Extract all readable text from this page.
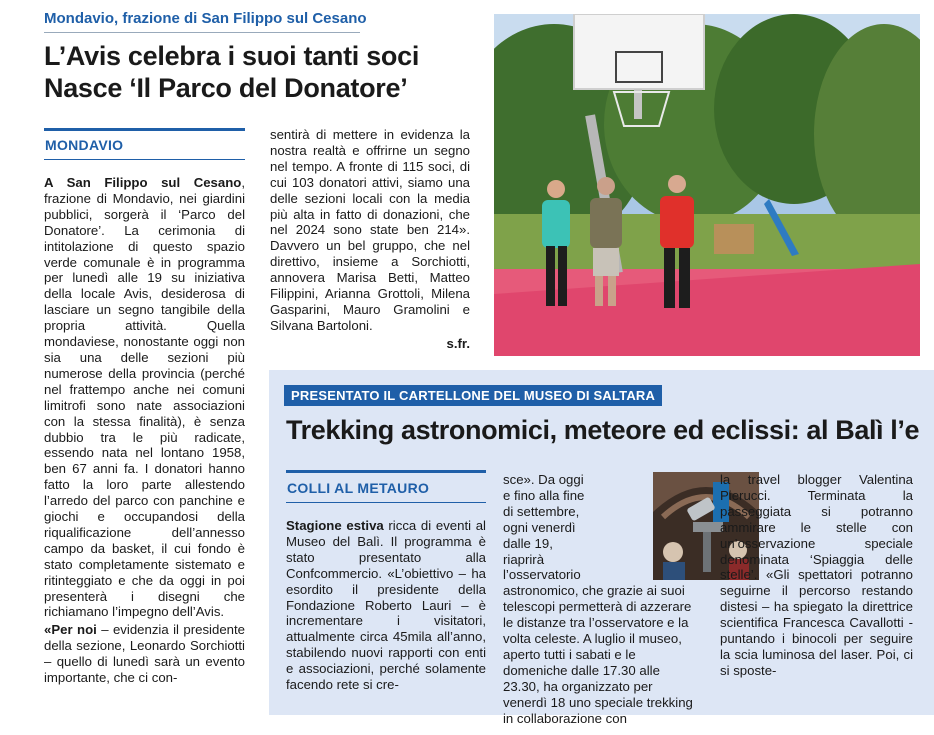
Mondavio, frazione di San Filippo sul Cesano
L’Avis celebra i suoi tanti soci
Nasce ‘Il Parco del Donatore’
MONDAVIO

A San Filippo sul Cesano, frazione di Mondavio, nei giardini pubblici, sorgerà il ‘Parco del Donatore’. La cerimonia di intitolazione di questo spazio verde comunale è in programma per lunedì alle 19 su iniziativa della locale Avis, desiderosa di lasciare un segno tangibile della propria attività. Quella mondaviese, nonostante oggi non sia una delle sezioni più numerose della provincia (perché nel frattempo anche nei comuni limitrofi sono nate associazioni con la stessa finalità), è senza dubbio tra le più radicate, essendo nata nel lontano 1958, ben 67 anni fa. I donatori hanno fatto la loro parte allestendo l’arredo del parco con panchine e giochi e occupandosi della riqualificazione dell’annesso campo da basket, il cui fondo è stato completamente sistemato e ritinteggiato e che da oggi in poi presenterà i disegni che richiamano l’impegno dell’Avis.

«Per noi – evidenzia il presidente della sezione, Leonardo Sorchiotti – quello di lunedì sarà un evento importante, che ci con-

sentirà di mettere in evidenza la nostra realtà e offrirne un segno nel tempo. A fronte di 115 soci, di cui 103 donatori attivi, siamo una delle sezioni locali con la media più alta in fatto di donazioni, che nel 2024 sono state ben 214». Davvero un bel gruppo, che nel direttivo, insieme a Sorchiotti, annovera Marisa Betti, Matteo Filippini, Arianna Grottoli, Milena Gasparini, Mauro Gramolini e Silvana Bartoloni.

s.fr.

PRESENTATO IL CARTELLONE DEL MUSEO DI SALTARA
Trekking astronomici, meteore ed eclissi: al Balì l’e
COLLI AL METAURO

Stagione estiva ricca di eventi al Museo del Balì. Il programma è stato presentato alla Confcommercio. «L’obiettivo – ha esordito il presidente della Fondazione Roberto Lauri – è incrementare i visitatori, attualmente circa 45mila all’anno, stabilendo nuovi rapporti con enti e associazioni, perché solamente facendo rete si cre-

sce». Da oggi e fino alla fine di settembre, ogni venerdì dalle 19, riaprirà l’osservatorio astronomico, che grazie ai suoi telescopi permetterà di azzerare le distanze tra l’osservatore e la volta celeste. A luglio il museo, aperto tutti i sabati e le domeniche dalle 17.30 alle 23.30, ha organizzato per venerdì 18 uno speciale trekking in collaborazione con

la travel blogger Valentina Pierucci. Terminata la passeggiata si potranno ammirare le stelle con un’osservazione speciale denominata ‘Spiaggia delle stelle’. «Gli spettatori potranno seguirne il percorso restando distesi – ha spiegato la direttrice scientifica Francesca Cavallotti - puntando i binocoli per seguire la scia luminosa del laser. Poi, ci si sposte-
